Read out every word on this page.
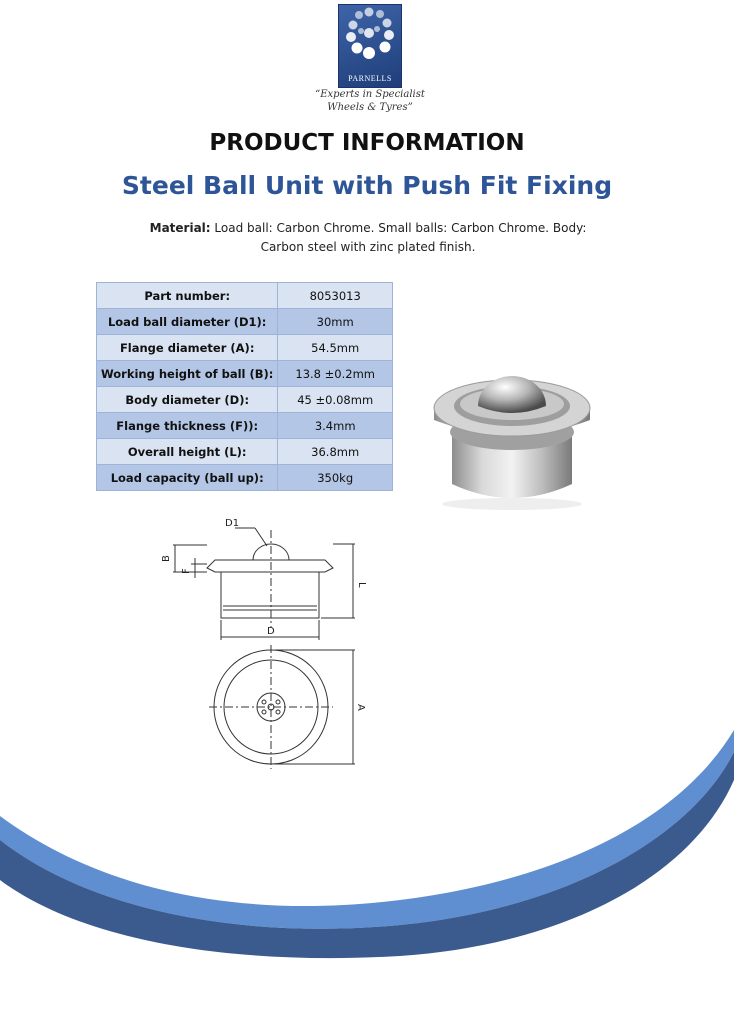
PARNELLS
“Experts in Specialist Wheels & Tyres”
PRODUCT INFORMATION
Steel Ball Unit with Push Fit Fixing
Material: Load ball: Carbon Chrome. Small balls: Carbon Chrome. Body: Carbon steel with zinc plated finish.
Part number:	8053013
Load ball diameter (D1):	30mm
Flange diameter (A):	54.5mm
Working height of ball (B):	13.8 ±0.2mm
Body diameter (D):	45 ±0.08mm
Flange thickness (F)):	3.4mm
Overall height (L):	36.8mm
Load capacity (ball up):	350kg
D1
B
F
L
D
A
